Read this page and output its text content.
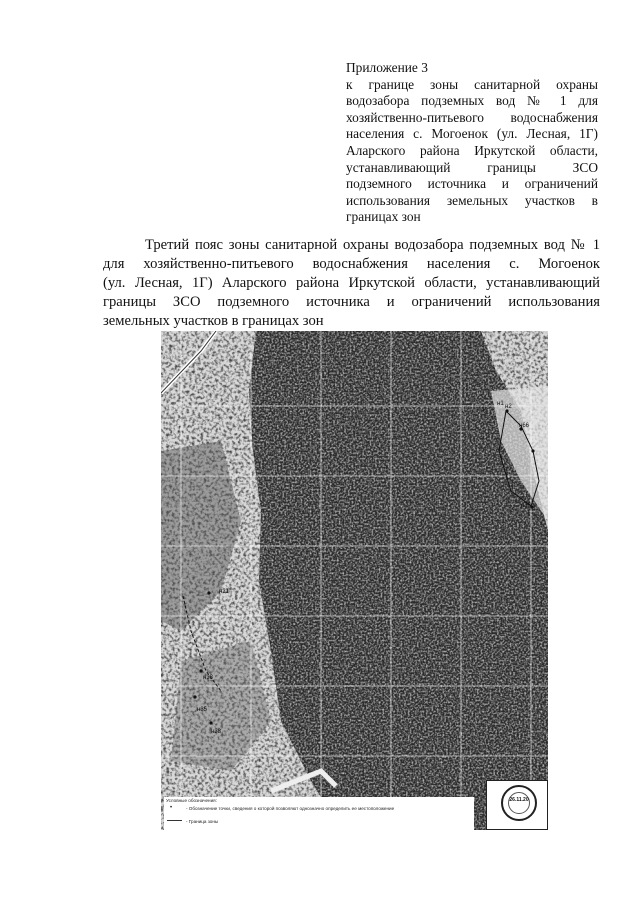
Приложение 3
к границе зоны санитарной охраны
водозабора подземных вод № 1 для
хозяйственно-питьевого водоснабжения
населения с. Могоенок (ул. Лесная, 1Г)
Аларского района Иркутской области,
устанавливающий границы ЗСО
подземного источника и ограничений
использования земельных участков в
границах зон
Третий пояс зоны санитарной охраны водозабора подземных вод № 1
для хозяйственно-питьевого водоснабжения населения с. Могоенок
(ул. Лесная, 1Г) Аларского района Иркутской области, устанавливающий
границы ЗСО подземного источника и ограничений использования
земельных участков в границах зон
н1 н2
н3
н66
н21
н33
н35
н38
н16
Условные обозначения:
•	- Обозначение точки, сведения о которой позволяют однозначно определить ее местоположение
- Граница зоны
26.11.20
